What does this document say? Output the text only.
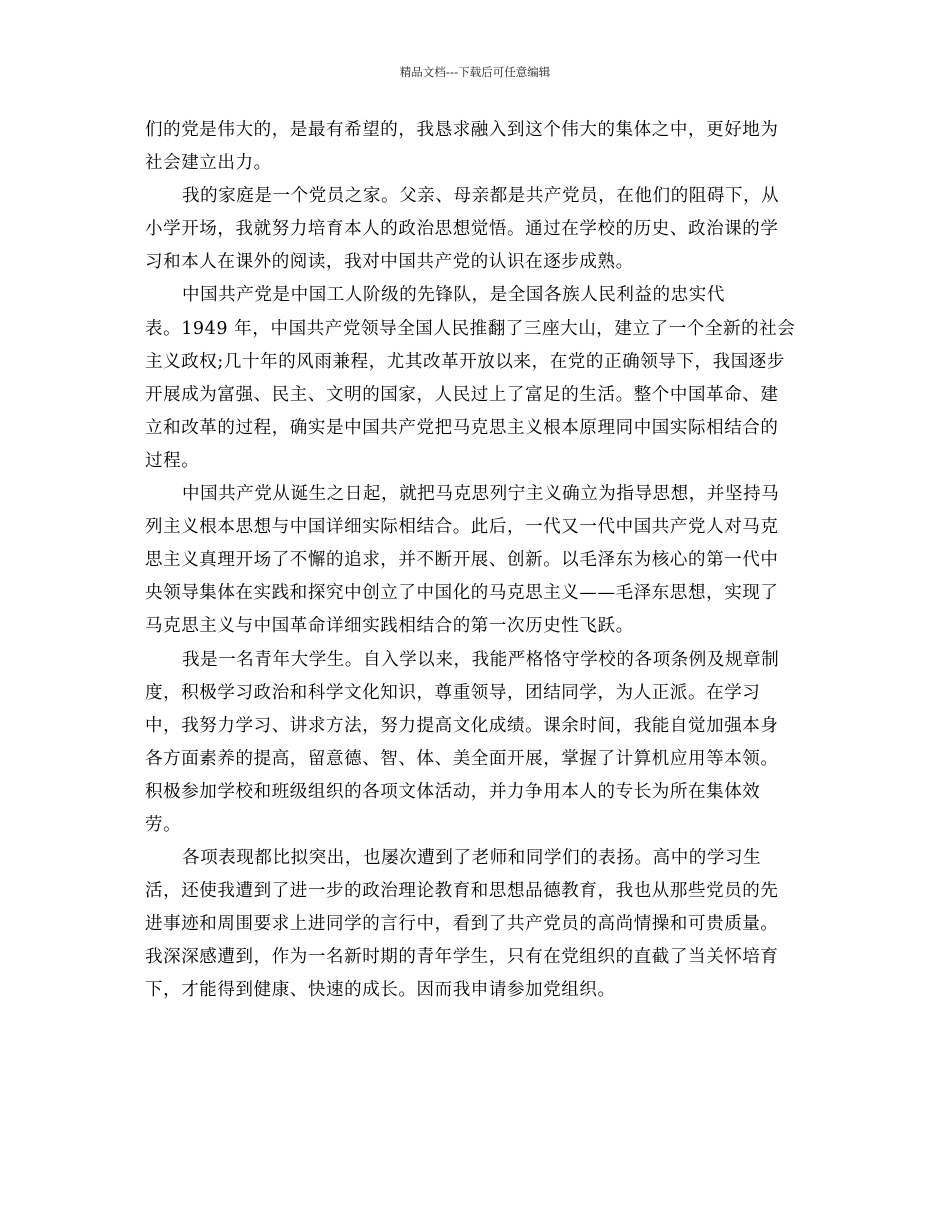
精品文档---下载后可任意编辑
们的党是伟大的，是最有希望的，我恳求融入到这个伟大的集体之中，更好地为
社会建立出力。
我的家庭是一个党员之家。父亲、母亲都是共产党员，在他们的阻碍下，从
小学开场，我就努力培育本人的政治思想觉悟。通过在学校的历史、政治课的学
习和本人在课外的阅读，我对中国共产党的认识在逐步成熟。
中国共产党是中国工人阶级的先锋队，是全国各族人民利益的忠实代
表。1949 年，中国共产党领导全国人民推翻了三座大山，建立了一个全新的社会
主义政权;几十年的风雨兼程，尤其改革开放以来，在党的正确领导下，我国逐步
开展成为富强、民主、文明的国家，人民过上了富足的生活。整个中国革命、建
立和改革的过程，确实是中国共产党把马克思主义根本原理同中国实际相结合的
过程。
中国共产党从诞生之日起，就把马克思列宁主义确立为指导思想，并坚持马
列主义根本思想与中国详细实际相结合。此后，一代又一代中国共产党人对马克
思主义真理开场了不懈的追求，并不断开展、创新。以毛泽东为核心的第一代中
央领导集体在实践和探究中创立了中国化的马克思主义——毛泽东思想，实现了
马克思主义与中国革命详细实践相结合的第一次历史性飞跃。
我是一名青年大学生。自入学以来，我能严格恪守学校的各项条例及规章制
度，积极学习政治和科学文化知识，尊重领导，团结同学，为人正派。在学习
中，我努力学习、讲求方法，努力提高文化成绩。课余时间，我能自觉加强本身
各方面素养的提高，留意德、智、体、美全面开展，掌握了计算机应用等本领。
积极参加学校和班级组织的各项文体活动，并力争用本人的专长为所在集体效
劳。
各项表现都比拟突出，也屡次遭到了老师和同学们的表扬。高中的学习生
活，还使我遭到了进一步的政治理论教育和思想品德教育，我也从那些党员的先
进事迹和周围要求上进同学的言行中，看到了共产党员的高尚情操和可贵质量。
我深深感遭到，作为一名新时期的青年学生，只有在党组织的直截了当关怀培育
下，才能得到健康、快速的成长。因而我申请参加党组织。
